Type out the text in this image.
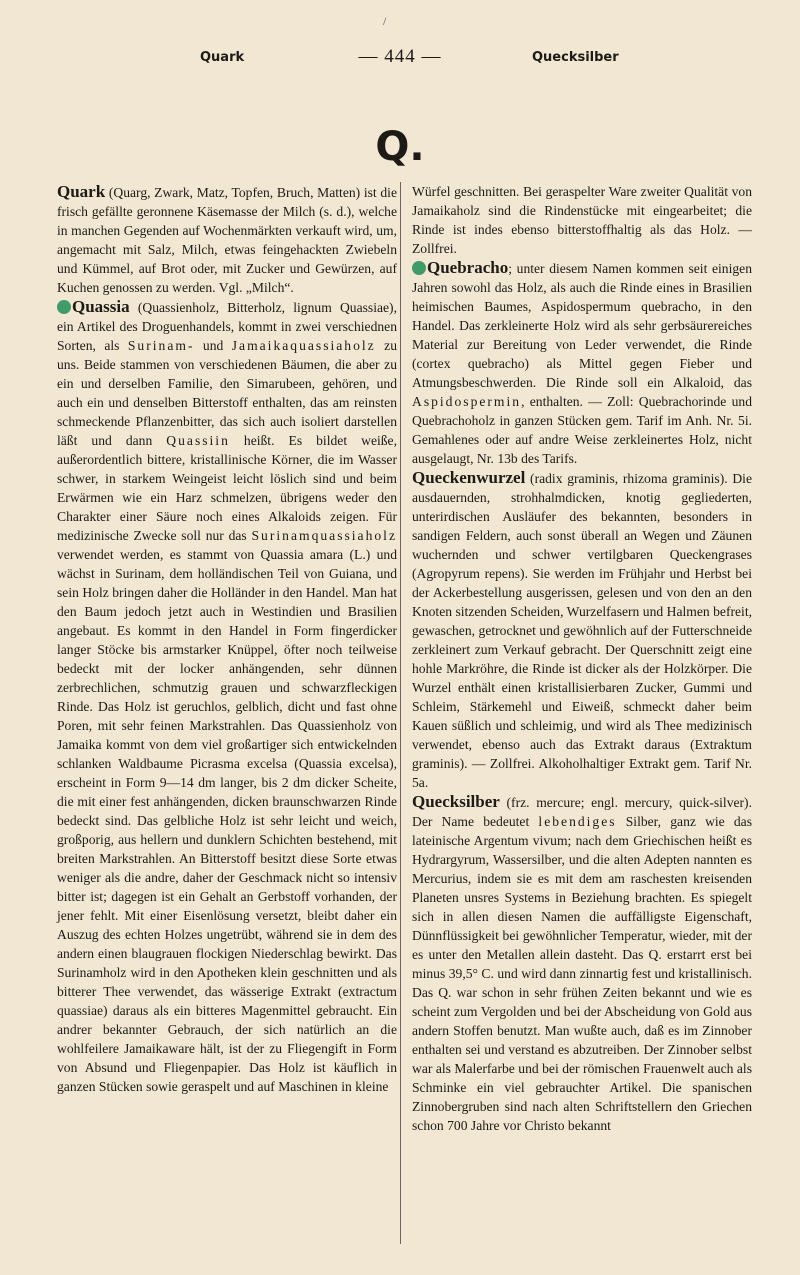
/
Quark	— 444 —	Quecksilber
Q.

Quark (Quarg, Zwark, Matz, Topfen, Bruch, Matten) ist die frisch gefällte geronnene Käsemasse der Milch (s. d.), welche in manchen Gegenden auf Wochenmärkten verkauft wird, um, angemacht mit Salz, Milch, etwas feingehackten Zwiebeln und Kümmel, auf Brot oder, mit Zucker und Gewürzen, auf Kuchen genossen zu werden. Vgl. „Milch“.

Quassia (Quassienholz, Bitterholz, lignum Quassiae), ein Artikel des Droguenhandels, kommt in zwei verschiednen Sorten, als Surinam- und Jamaikaquassiaholz zu uns. Beide stammen von verschiedenen Bäumen, die aber zu ein und derselben Familie, den Simarubeen, gehören, und auch ein und denselben Bitterstoff enthalten, das am reinsten schmeckende Pflanzenbitter, das sich auch isoliert darstellen läßt und dann Quassiin heißt. Es bildet weiße, außerordentlich bittere, kristallinische Körner, die im Wasser schwer, in starkem Weingeist leicht löslich sind und beim Erwärmen wie ein Harz schmelzen, übrigens weder den Charakter einer Säure noch eines Alkaloids zeigen. Für medizinische Zwecke soll nur das Surinamquassiaholz verwendet werden, es stammt von Quassia amara (L.) und wächst in Surinam, dem holländischen Teil von Guiana, und sein Holz bringen daher die Holländer in den Handel. Man hat den Baum jedoch jetzt auch in Westindien und Brasilien angebaut. Es kommt in den Handel in Form fingerdicker langer Stöcke bis armstarker Knüppel, öfter noch teilweise bedeckt mit der locker anhängenden, sehr dünnen zerbrechlichen, schmutzig grauen und schwarzfleckigen Rinde. Das Holz ist geruchlos, gelblich, dicht und fast ohne Poren, mit sehr feinen Markstrahlen. Das Quassienholz von Jamaika kommt von dem viel großartiger sich entwickelnden schlanken Waldbaume Picrasma excelsa (Quassia excelsa), erscheint in Form 9—14 dm langer, bis 2 dm dicker Scheite, die mit einer fest anhängenden, dicken braunschwarzen Rinde bedeckt sind. Das gelbliche Holz ist sehr leicht und weich, großporig, aus hellern und dunklern Schichten bestehend, mit breiten Markstrahlen. An Bitterstoff besitzt diese Sorte etwas weniger als die andre, daher der Geschmack nicht so intensiv bitter ist; dagegen ist ein Gehalt an Gerbstoff vorhanden, der jener fehlt. Mit einer Eisenlösung versetzt, bleibt daher ein Auszug des echten Holzes ungetrübt, während sie in dem des andern einen blaugrauen flockigen Niederschlag bewirkt. Das Surinamholz wird in den Apotheken klein geschnitten und als bitterer Thee verwendet, das wässerige Extrakt (extractum quassiae) daraus als ein bitteres Magenmittel gebraucht. Ein andrer bekannter Gebrauch, der sich natürlich an die wohlfeilere Jamaikaware hält, ist der zu Fliegengift in Form von Absund und Fliegenpapier. Das Holz ist käuflich in ganzen Stücken sowie geraspelt und auf Maschinen in kleine

Würfel geschnitten. Bei geraspelter Ware zweiter Qualität von Jamaikaholz sind die Rindenstücke mit eingearbeitet; die Rinde ist indes ebenso bitterstoffhaltig als das Holz. — Zollfrei.

Quebracho; unter diesem Namen kommen seit einigen Jahren sowohl das Holz, als auch die Rinde eines in Brasilien heimischen Baumes, Aspidospermum quebracho, in den Handel. Das zerkleinerte Holz wird als sehr gerbsäurereiches Material zur Bereitung von Leder verwendet, die Rinde (cortex quebracho) als Mittel gegen Fieber und Atmungsbeschwerden. Die Rinde soll ein Alkaloid, das Aspidospermin, enthalten. — Zoll: Quebrachorinde und Quebrachoholz in ganzen Stücken gem. Tarif im Anh. Nr. 5i. Gemahlenes oder auf andre Weise zerkleinertes Holz, nicht ausgelaugt, Nr. 13b des Tarifs.

Queckenwurzel (radix graminis, rhizoma graminis). Die ausdauernden, strohhalmdicken, knotig gegliederten, unterirdischen Ausläufer des bekannten, besonders in sandigen Feldern, auch sonst überall an Wegen und Zäunen wuchernden und schwer vertilgbaren Queckengrases (Agropyrum repens). Sie werden im Frühjahr und Herbst bei der Ackerbestellung ausgerissen, gelesen und von den an den Knoten sitzenden Scheiden, Wurzelfasern und Halmen befreit, gewaschen, getrocknet und gewöhnlich auf der Futterschneide zerkleinert zum Verkauf gebracht. Der Querschnitt zeigt eine hohle Markröhre, die Rinde ist dicker als der Holzkörper. Die Wurzel enthält einen kristallisierbaren Zucker, Gummi und Schleim, Stärkemehl und Eiweiß, schmeckt daher beim Kauen süßlich und schleimig, und wird als Thee medizinisch verwendet, ebenso auch das Extrakt daraus (Extraktum graminis). — Zollfrei. Alkoholhaltiger Extrakt gem. Tarif Nr. 5a.

Quecksilber (frz. mercure; engl. mercury, quick-silver). Der Name bedeutet lebendiges Silber, ganz wie das lateinische Argentum vivum; nach dem Griechischen heißt es Hydrargyrum, Wassersilber, und die alten Adepten nannten es Mercurius, indem sie es mit dem am raschesten kreisenden Planeten unsres Systems in Beziehung brachten. Es spiegelt sich in allen diesen Namen die auffälligste Eigenschaft, Dünnflüssigkeit bei gewöhnlicher Temperatur, wieder, mit der es unter den Metallen allein dasteht. Das Q. erstarrt erst bei minus 39,5° C. und wird dann zinnartig fest und kristallinisch. Das Q. war schon in sehr frühen Zeiten bekannt und wie es scheint zum Vergolden und bei der Abscheidung von Gold aus andern Stoffen benutzt. Man wußte auch, daß es im Zinnober enthalten sei und verstand es abzutreiben. Der Zinnober selbst war als Malerfarbe und bei der römischen Frauenwelt auch als Schminke ein viel gebrauchter Artikel. Die spanischen Zinnobergruben sind nach alten Schriftstellern den Griechen schon 700 Jahre vor Christo bekannt
